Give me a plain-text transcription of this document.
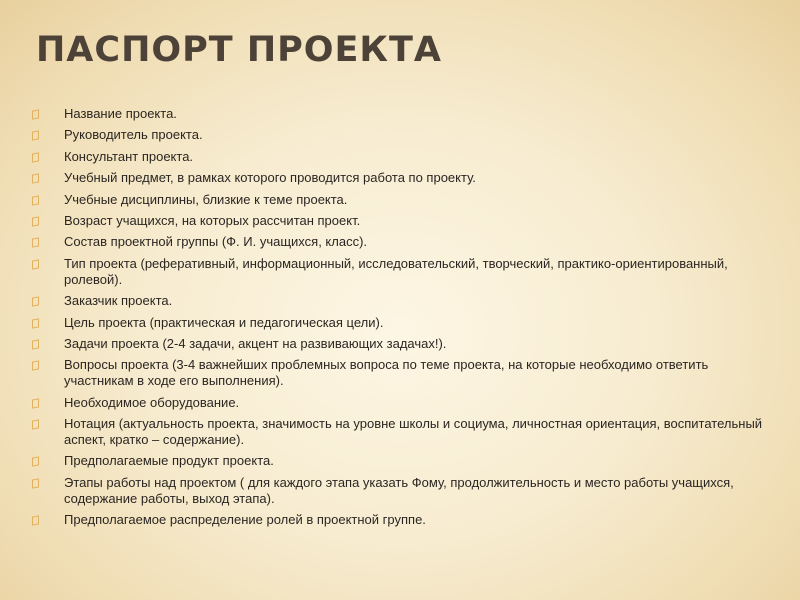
ПАСПОРТ ПРОЕКТА
Название проекта.
Руководитель проекта.
Консультант проекта.
Учебный предмет, в рамках которого проводится работа по проекту.
Учебные дисциплины, близкие к теме проекта.
Возраст учащихся, на которых рассчитан проект.
Состав проектной группы (Ф. И. учащихся, класс).
Тип проекта (реферативный, информационный, исследовательский, творческий, практико-ориентированный, ролевой).
Заказчик проекта.
Цель проекта (практическая и педагогическая цели).
Задачи проекта (2-4 задачи, акцент на развивающих задачах!).
Вопросы проекта (3-4 важнейших проблемных вопроса по теме проекта, на которые необходимо ответить участникам в ходе его выполнения).
Необходимое оборудование.
Нотация (актуальность проекта, значимость на уровне школы и социума, личностная ориентация, воспитательный аспект, кратко – содержание).
Предполагаемые продукт проекта.
Этапы работы над проектом ( для каждого этапа указать Фому, продолжительность и место работы учащихся, содержание работы, выход этапа).
Предполагаемое распределение ролей в проектной группе.
